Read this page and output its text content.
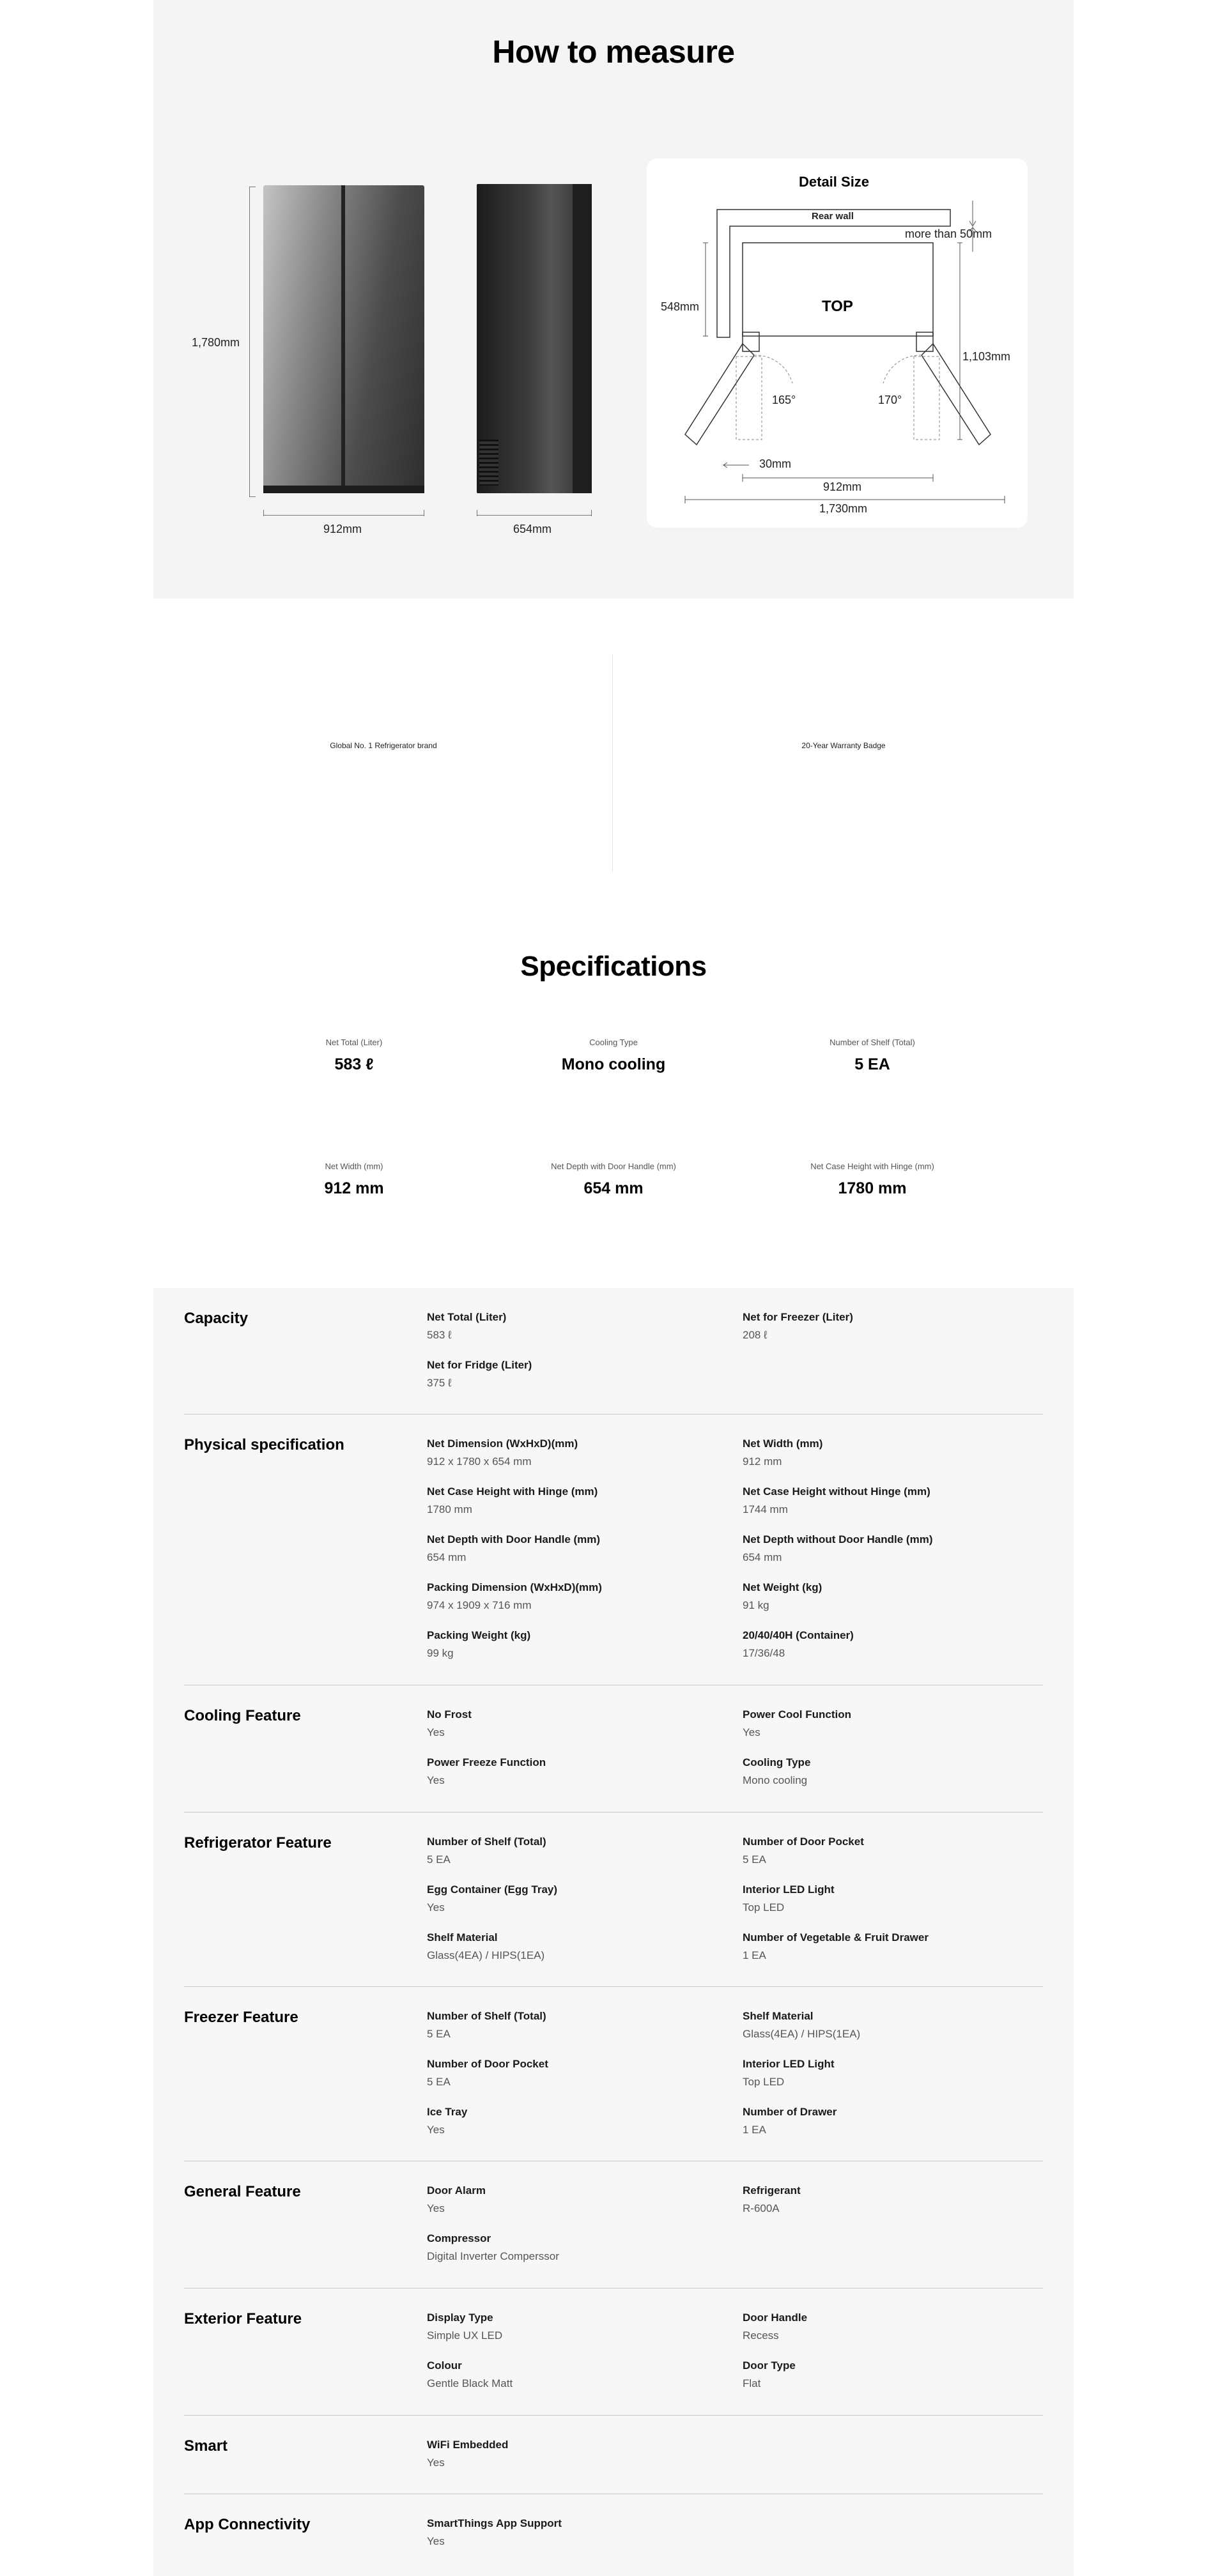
How to measure
1,780mm
912mm	654mm
Detail Size
Rear wall
more than 50mm
548mm	TOP
1,103mm
165°	170°
30mm
912mm
1,730mm
Global No. 1 Refrigerator brand	20-Year Warranty Badge
Specifications
Net Total (Liter)
583 ℓ
Cooling Type
Mono cooling
Number of Shelf (Total)
5 EA
Net Width (mm)
912 mm
Net Depth with Door Handle (mm)
654 mm
Net Case Height with Hinge (mm)
1780 mm
Capacity	Net Total (Liter)
583 ℓ
Net for Freezer (Liter)
208 ℓ
Net for Fridge (Liter)
375 ℓ
Physical specification	Net Dimension (WxHxD)(mm)
912 x 1780 x 654 mm
Net Width (mm)
912 mm
Net Case Height with Hinge (mm)
1780 mm
Net Case Height without Hinge (mm)
1744 mm
Net Depth with Door Handle (mm)
654 mm
Net Depth without Door Handle (mm)
654 mm
Packing Dimension (WxHxD)(mm)
974 x 1909 x 716 mm
Net Weight (kg)
91 kg
Packing Weight (kg)
99 kg
20/40/40H (Container)
17/36/48
Cooling Feature	No Frost
Yes
Power Cool Function
Yes
Power Freeze Function
Yes
Cooling Type
Mono cooling
Refrigerator Feature	Number of Shelf (Total)
5 EA
Number of Door Pocket
5 EA
Egg Container (Egg Tray)
Yes
Interior LED Light
Top LED
Shelf Material
Glass(4EA) / HIPS(1EA)
Number of Vegetable & Fruit Drawer
1 EA
Freezer Feature	Number of Shelf (Total)
5 EA
Shelf Material
Glass(4EA) / HIPS(1EA)
Number of Door Pocket
5 EA
Interior LED Light
Top LED
Ice Tray
Yes
Number of Drawer
1 EA
General Feature	Door Alarm
Yes
Refrigerant
R-600A
Compressor
Digital Inverter Comperssor
Exterior Feature	Display Type
Simple UX LED
Door Handle
Recess
Colour
Gentle Black Matt
Door Type
Flat
Smart	WiFi Embedded
Yes
App Connectivity	SmartThings App Support
Yes
